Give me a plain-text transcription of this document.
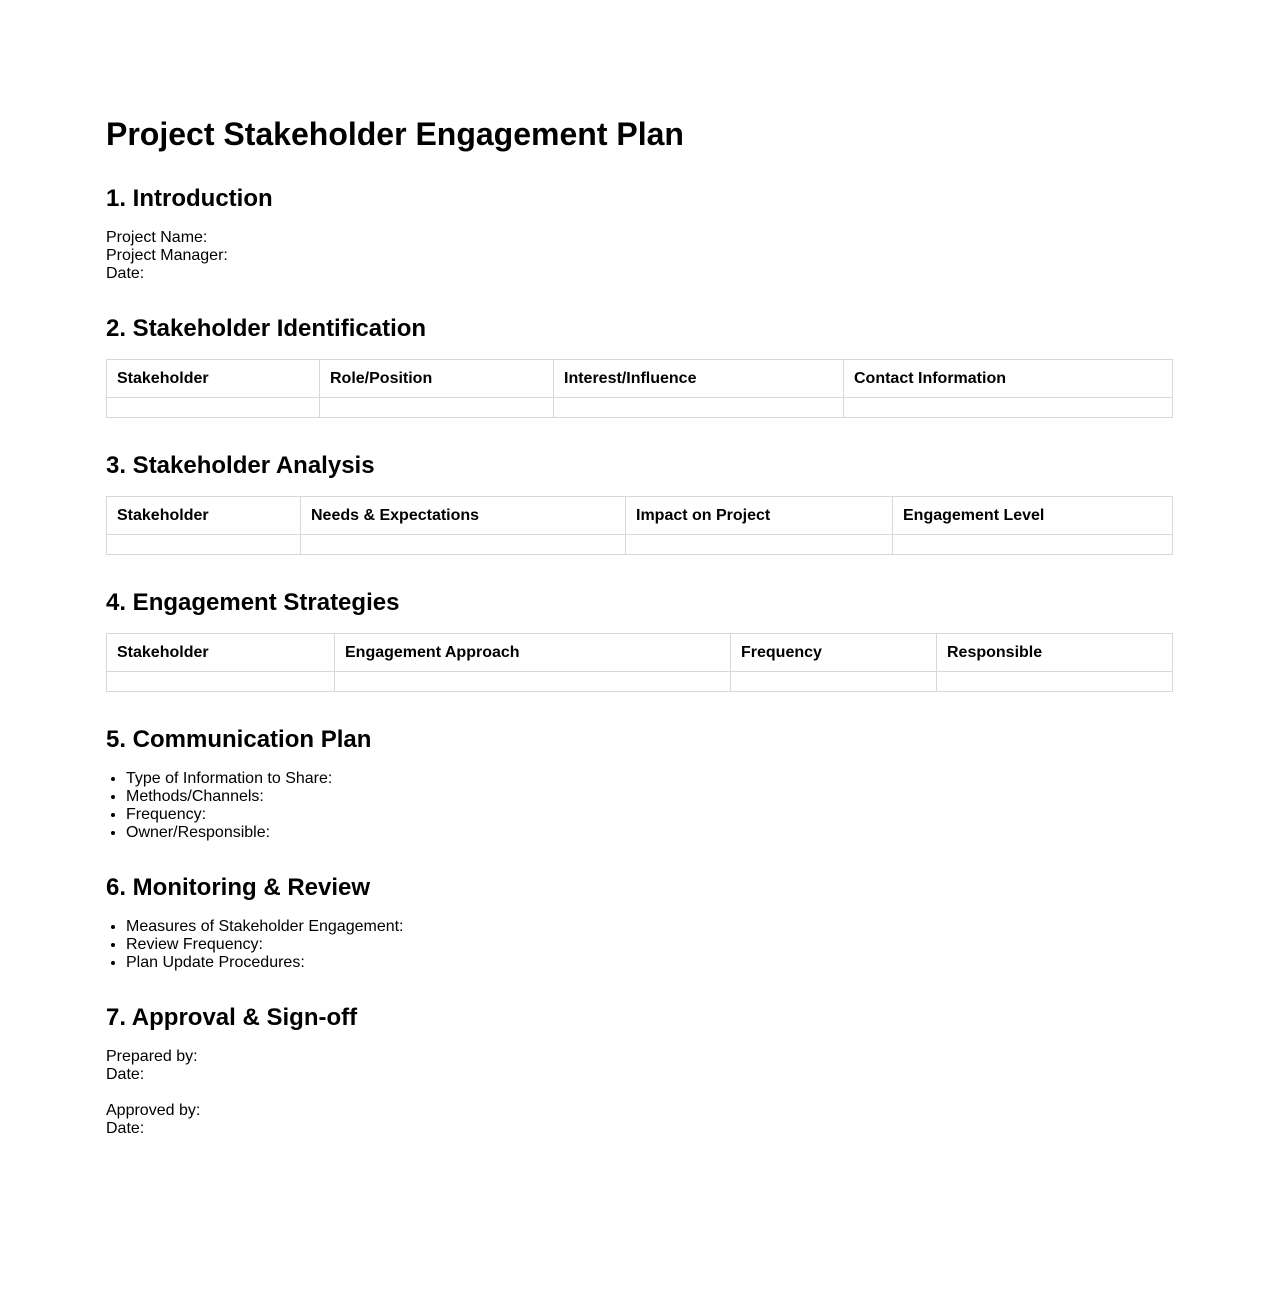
Project Stakeholder Engagement Plan
1. Introduction
Project Name:
Project Manager:
Date:
2. Stakeholder Identification
Stakeholder	Role/Position	Interest/Influence	Contact Information

3. Stakeholder Analysis
Stakeholder	Needs & Expectations	Impact on Project	Engagement Level

4. Engagement Strategies
Stakeholder	Engagement Approach	Frequency	Responsible

5. Communication Plan
• Type of Information to Share:
• Methods/Channels:
• Frequency:
• Owner/Responsible:
6. Monitoring & Review
• Measures of Stakeholder Engagement:
• Review Frequency:
• Plan Update Procedures:
7. Approval & Sign-off
Prepared by:
Date:
Approved by:
Date:
